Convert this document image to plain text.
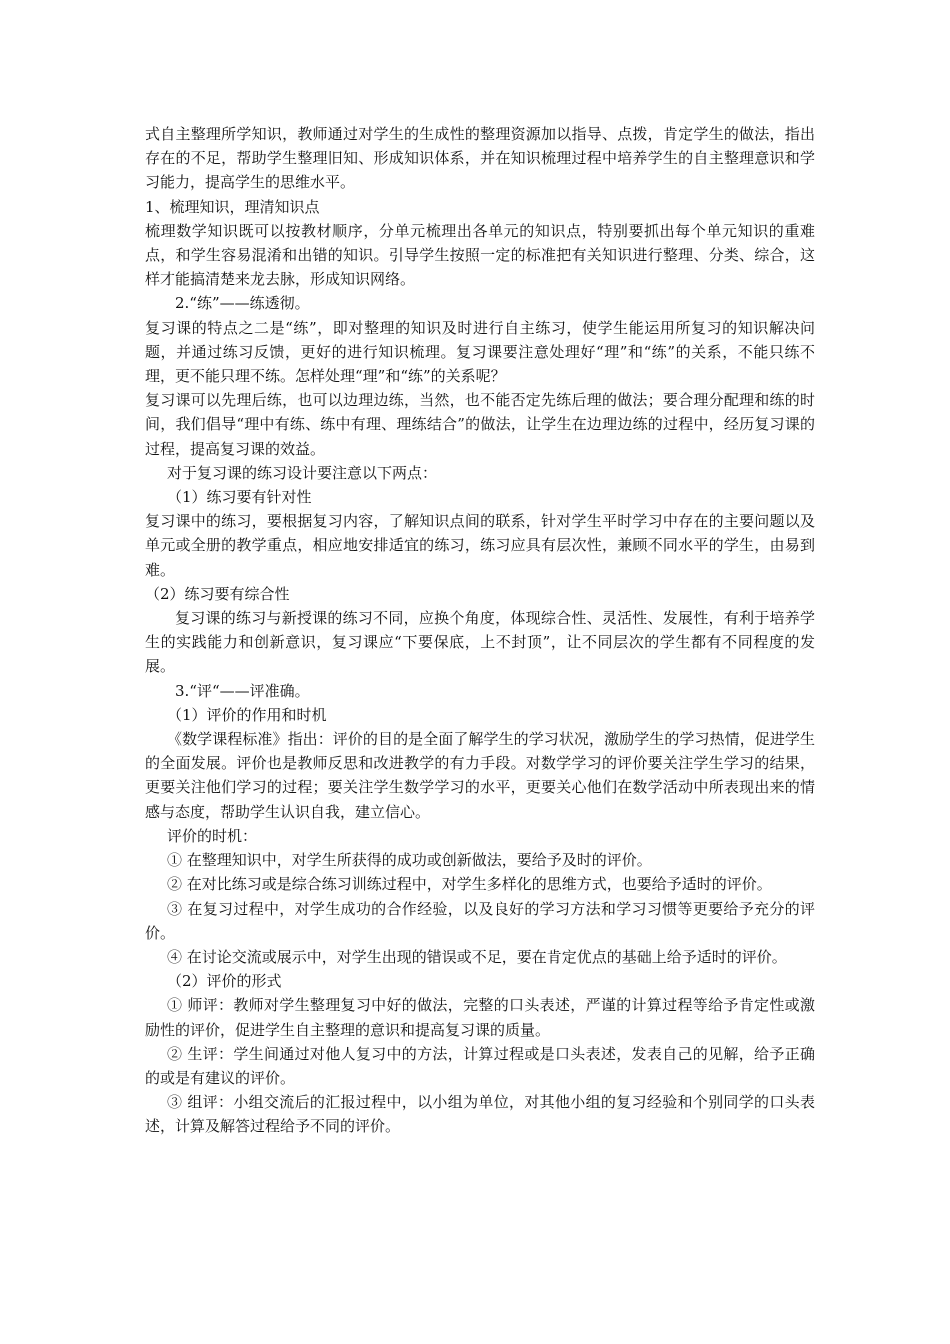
式自主整理所学知识，教师通过对学生的生成性的整理资源加以指导、点拨，肯定学生的做法，指出存在的不足，帮助学生整理旧知、形成知识体系，并在知识梳理过程中培养学生的自主整理意识和学习能力，提高学生的思维水平。

1、梳理知识，理清知识点

梳理数学知识既可以按教材顺序，分单元梳理出各单元的知识点，特别要抓出每个单元知识的重难点，和学生容易混淆和出错的知识。引导学生按照一定的标准把有关知识进行整理、分类、综合，这样才能搞清楚来龙去脉，形成知识网络。

2.“练”——练透彻。

复习课的特点之二是“练”，即对整理的知识及时进行自主练习，使学生能运用所复习的知识解决问题，并通过练习反馈，更好的进行知识梳理。复习课要注意处理好“理”和“练”的关系，不能只练不理，更不能只理不练。怎样处理“理”和“练”的关系呢？

复习课可以先理后练，也可以边理边练，当然，也不能否定先练后理的做法；要合理分配理和练的时间，我们倡导“理中有练、练中有理、理练结合”的做法，让学生在边理边练的过程中，经历复习课的过程，提高复习课的效益。

对于复习课的练习设计要注意以下两点：

（1）练习要有针对性

复习课中的练习，要根据复习内容，了解知识点间的联系，针对学生平时学习中存在的主要问题以及单元或全册的教学重点，相应地安排适宜的练习，练习应具有层次性，兼顾不同水平的学生，由易到难。

（2）练习要有综合性

复习课的练习与新授课的练习不同，应换个角度，体现综合性、灵活性、发展性，有利于培养学生的实践能力和创新意识，复习课应“下要保底，上不封顶”，让不同层次的学生都有不同程度的发展。

3.“评“——评准确。

（1）评价的作用和时机

《数学课程标准》指出：评价的目的是全面了解学生的学习状况，激励学生的学习热情，促进学生的全面发展。评价也是教师反思和改进教学的有力手段。对数学学习的评价要关注学生学习的结果，更要关注他们学习的过程；要关注学生数学学习的水平，更要关心他们在数学活动中所表现出来的情感与态度，帮助学生认识自我，建立信心。

评价的时机：

① 在整理知识中，对学生所获得的成功或创新做法，要给予及时的评价。

② 在对比练习或是综合练习训练过程中，对学生多样化的思维方式，也要给予适时的评价。

③ 在复习过程中，对学生成功的合作经验，以及良好的学习方法和学习习惯等更要给予充分的评价。

④ 在讨论交流或展示中，对学生出现的错误或不足，要在肯定优点的基础上给予适时的评价。

（2）评价的形式

① 师评：教师对学生整理复习中好的做法，完整的口头表述，严谨的计算过程等给予肯定性或激励性的评价，促进学生自主整理的意识和提高复习课的质量。

② 生评：学生间通过对他人复习中的方法，计算过程或是口头表述，发表自己的见解，给予正确的或是有建议的评价。

③ 组评：小组交流后的汇报过程中，以小组为单位，对其他小组的复习经验和个别同学的口头表述，计算及解答过程给予不同的评价。
